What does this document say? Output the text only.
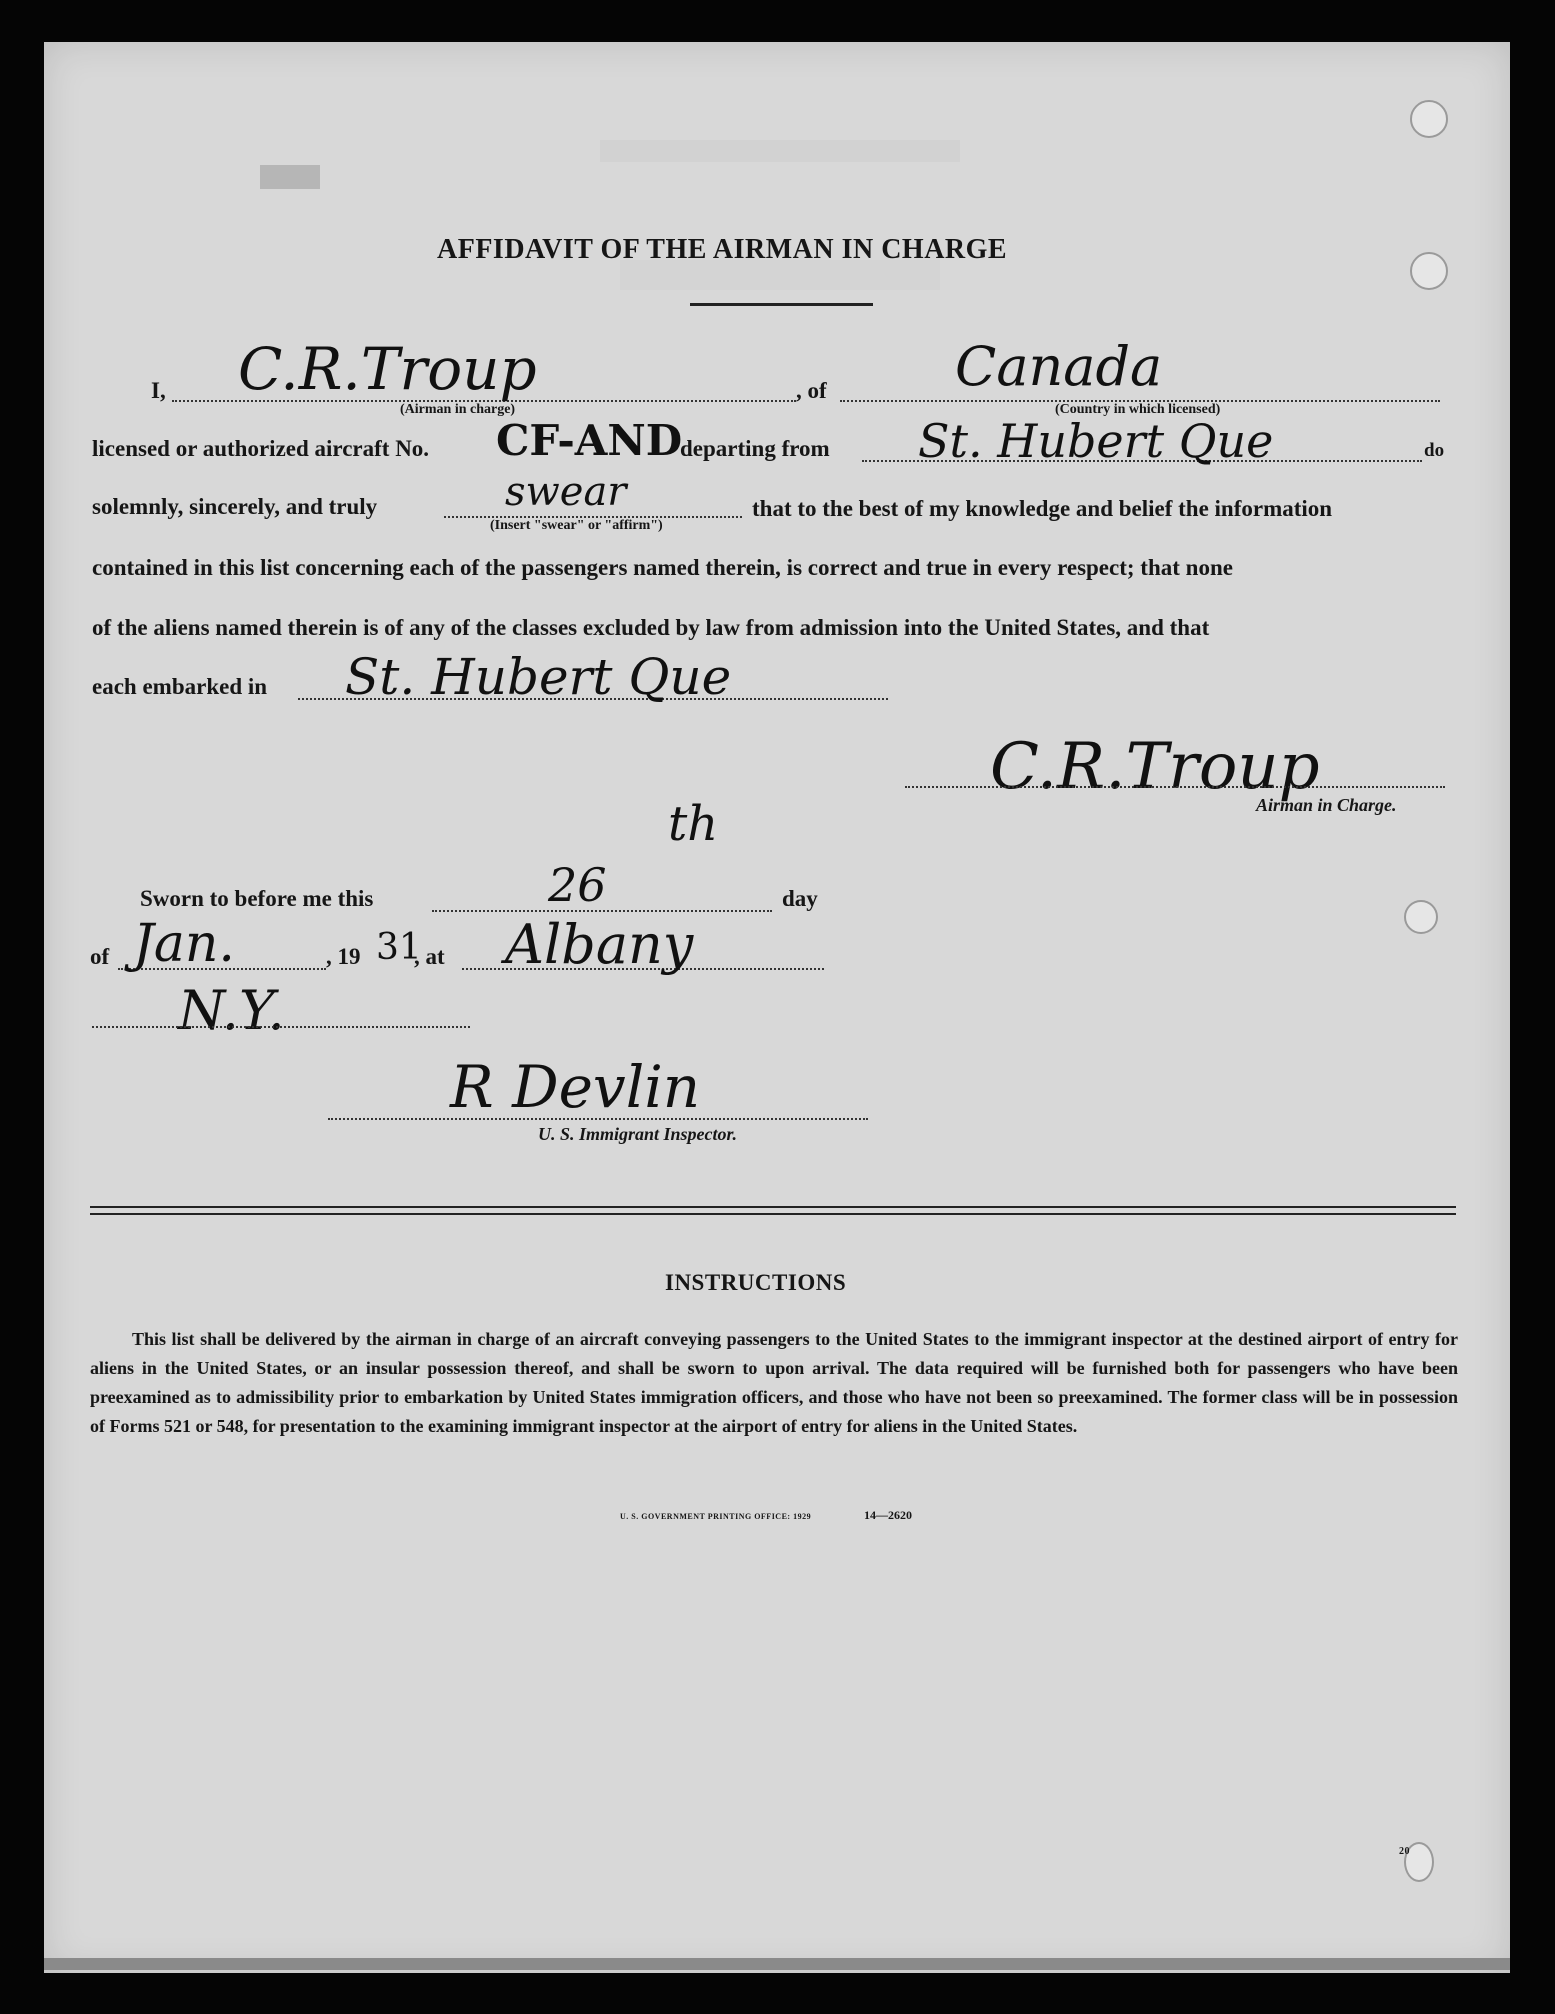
AFFIDAVIT OF THE AIRMAN IN CHARGE
I, C.R.Troup
(Airman in charge)
, of Canada
(Country in which licensed)
licensed or authorized aircraft No. CF-AND
departing from St. Hubert Que	do
solemnly, sincerely, and truly	swear
(Insert "swear" or "affirm")
that to the best of my knowledge and belief the information
contained in this list concerning each of the passengers named therein, is correct and true in every respect; that none
of the aliens named therein is of any of the classes excluded by law from admission into the United States, and that
each embarked in St. Hubert Que
C.R.Troup
Airman in Charge.
Sworn to before me this	26
th
day
of Jan.	, 19 31
, at Albany
N.Y.
R Devlin
U. S. Immigrant Inspector.
INSTRUCTIONS
This list shall be delivered by the airman in charge of an aircraft conveying passengers to the United States to the immigrant inspector at the destined airport of entry for aliens in the United States, or an insular possession thereof, and shall be sworn to upon arrival. The data required will be furnished both for passengers who have been preexamined as to admissibility prior to embarkation by United States immigration officers, and those who have not been so preexamined. The former class will be in possession of Forms 521 or 548, for presentation to the examining immigrant inspector at the airport of entry for aliens in the United States.
U. S. GOVERNMENT PRINTING OFFICE: 1929	14—2620
20
